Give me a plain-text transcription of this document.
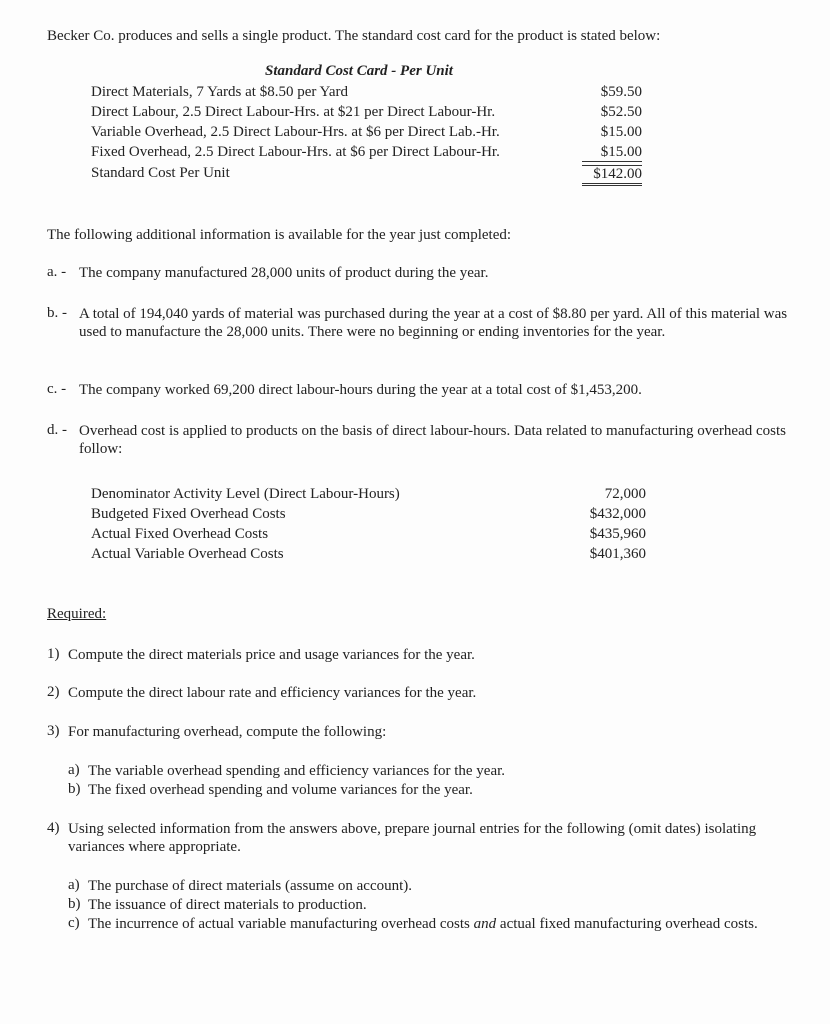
Becker Co. produces and sells a single product. The standard cost card for the product is stated below:
Standard Cost Card - Per Unit
Direct Materials, 7 Yards at $8.50 per Yard	$59.50
Direct Labour, 2.5 Direct Labour-Hrs. at $21 per Direct Labour-Hr.	$52.50
Variable Overhead, 2.5 Direct Labour-Hrs. at $6 per Direct Lab.-Hr.	$15.00
Fixed Overhead, 2.5 Direct Labour-Hrs. at $6 per Direct Labour-Hr.	$15.00
Standard Cost Per Unit	$142.00
The following additional information is available for the year just completed:
a. - The company manufactured 28,000 units of product during the year.
b. - A total of 194,040 yards of material was purchased during the year at a cost of $8.80 per yard. All of this material was used to manufacture the 28,000 units. There were no beginning or ending inventories for the year.
c. - The company worked 69,200 direct labour-hours during the year at a total cost of $1,453,200.
d. - Overhead cost is applied to products on the basis of direct labour-hours. Data related to manufacturing overhead costs follow:
Denominator Activity Level (Direct Labour-Hours)	72,000
Budgeted Fixed Overhead Costs	$432,000
Actual Fixed Overhead Costs	$435,960
Actual Variable Overhead Costs	$401,360
Required:
1) Compute the direct materials price and usage variances for the year.
2) Compute the direct labour rate and efficiency variances for the year.
3) For manufacturing overhead, compute the following:
a) The variable overhead spending and efficiency variances for the year.
b) The fixed overhead spending and volume variances for the year.
4) Using selected information from the answers above, prepare journal entries for the following (omit dates) isolating variances where appropriate.
a) The purchase of direct materials (assume on account).
b) The issuance of direct materials to production.
c) The incurrence of actual variable manufacturing overhead costs and actual fixed manufacturing overhead costs.
